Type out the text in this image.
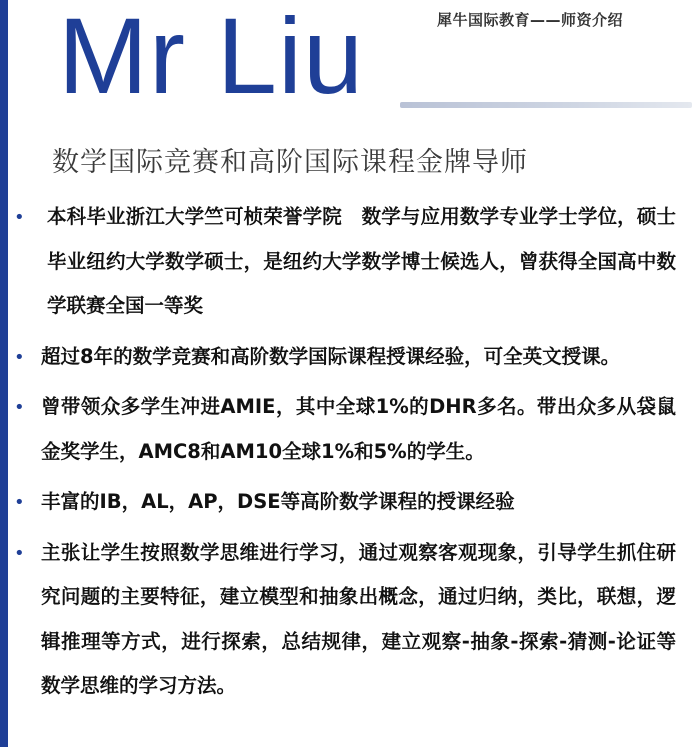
Mr Liu	犀牛国际教育——师资介绍
数学国际竞赛和高阶国际课程金牌导师
• 本科毕业浙江大学竺可桢荣誉学院　数学与应用数学专业学士学位，硕士毕业纽约大学数学硕士，是纽约大学数学博士候选人，曾获得全国高中数学联赛全国一等奖

• 超过8年的数学竞赛和高阶数学国际课程授课经验，可全英文授课。

• 曾带领众多学生冲进AMIE，其中全球1%的DHR多名。带出众多从袋鼠金奖学生，AMC8和AM10全球1%和5%的学生。

• 丰富的IB，AL，AP，DSE等高阶数学课程的授课经验

• 主张让学生按照数学思维进行学习，通过观察客观现象，引导学生抓住研究问题的主要特征，建立模型和抽象出概念，通过归纳，类比，联想，逻辑推理等方式，进行探索，总结规律，建立观察-抽象-探索-猜测-论证等数学思维的学习方法。
